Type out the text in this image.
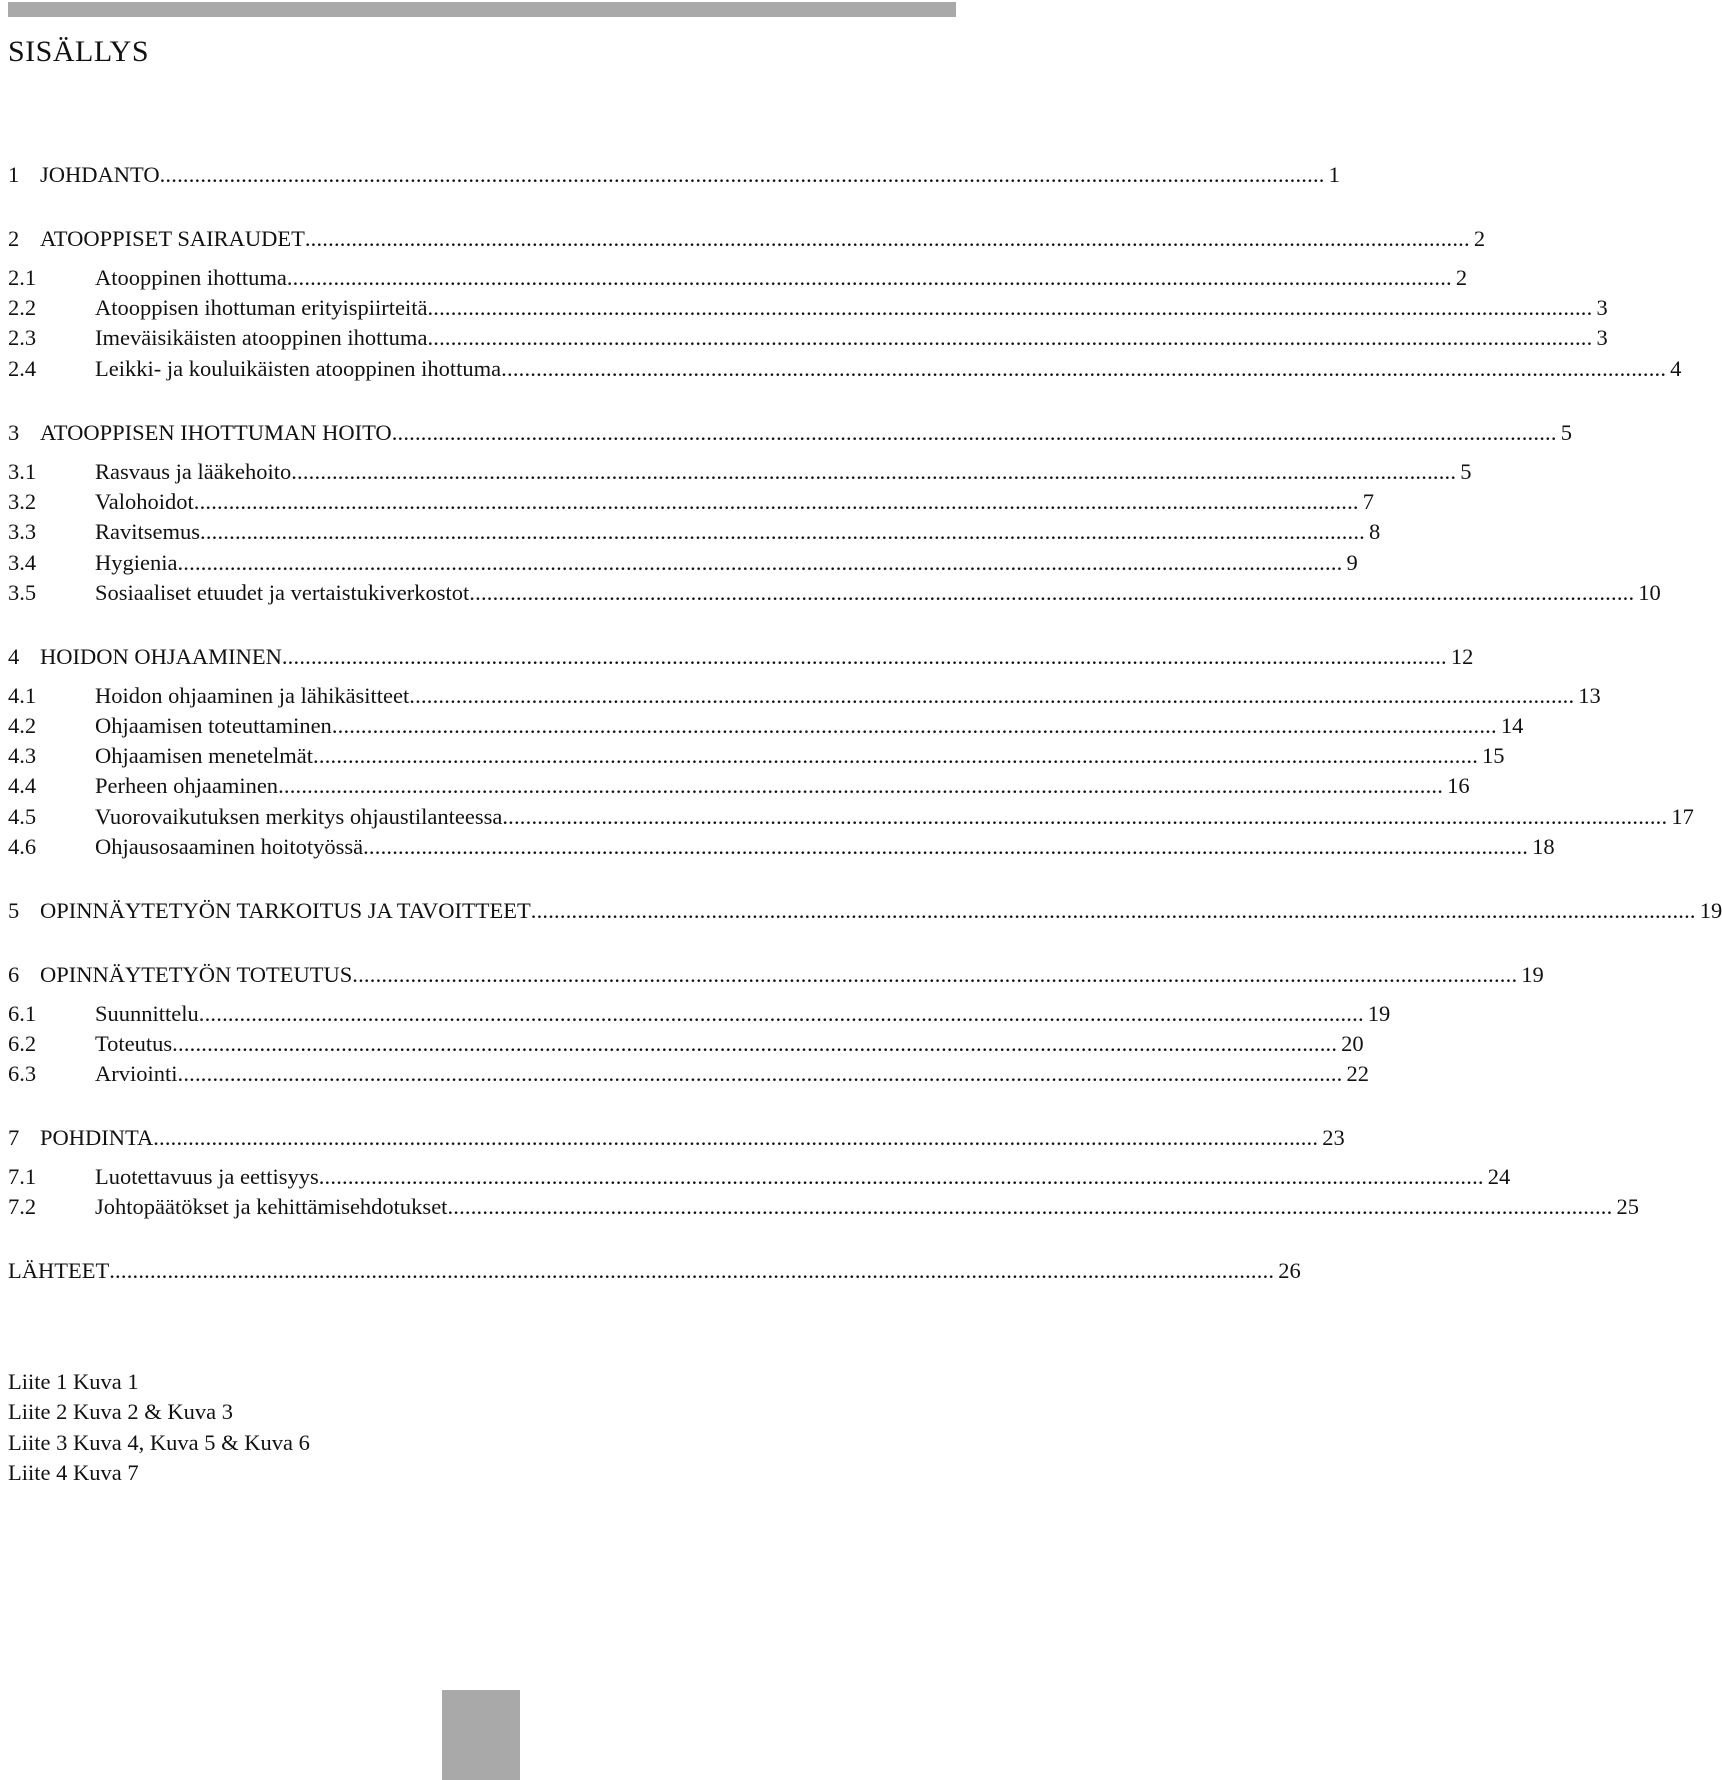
SISÄLLYS
1 JOHDANTO ........................................................................................................................................................................................................ 1
2 ATOOPPISET SAIRAUDET ........................................................................................................................................................................................................ 2
2.1	Atooppinen ihottuma ........................................................................................................................................................................................................ 2
2.2	Atooppisen ihottuman erityispiirteitä ........................................................................................................................................................................................................ 3
2.3	Imeväisikäisten atooppinen ihottuma ........................................................................................................................................................................................................ 3
2.4	Leikki- ja kouluikäisten atooppinen ihottuma ........................................................................................................................................................................................................ 4
3 ATOOPPISEN IHOTTUMAN HOITO ........................................................................................................................................................................................................ 5
3.1	Rasvaus ja lääkehoito ........................................................................................................................................................................................................ 5
3.2	Valohoidot ........................................................................................................................................................................................................ 7
3.3	Ravitsemus ........................................................................................................................................................................................................ 8
3.4	Hygienia ........................................................................................................................................................................................................ 9
3.5	Sosiaaliset etuudet ja vertaistukiverkostot ........................................................................................................................................................................................................ 10
4 HOIDON OHJAAMINEN ........................................................................................................................................................................................................ 12
4.1	Hoidon ohjaaminen ja lähikäsitteet ........................................................................................................................................................................................................ 13
4.2	Ohjaamisen toteuttaminen ........................................................................................................................................................................................................ 14
4.3	Ohjaamisen menetelmät ........................................................................................................................................................................................................ 15
4.4	Perheen ohjaaminen ........................................................................................................................................................................................................ 16
4.5	Vuorovaikutuksen merkitys ohjaustilanteessa ........................................................................................................................................................................................................ 17
4.6	Ohjausosaaminen hoitotyössä ........................................................................................................................................................................................................ 18
5 OPINNÄYTETYÖN TARKOITUS JA TAVOITTEET ........................................................................................................................................................................................................ 19
6 OPINNÄYTETYÖN TOTEUTUS ........................................................................................................................................................................................................ 19
6.1	Suunnittelu ........................................................................................................................................................................................................ 19
6.2	Toteutus ........................................................................................................................................................................................................ 20
6.3	Arviointi ........................................................................................................................................................................................................ 22
7 POHDINTA ........................................................................................................................................................................................................ 23
7.1	Luotettavuus ja eettisyys ........................................................................................................................................................................................................ 24
7.2	Johtopäätökset ja kehittämisehdotukset ........................................................................................................................................................................................................ 25
LÄHTEET ........................................................................................................................................................................................................ 26
Liite 1 Kuva 1
Liite 2 Kuva 2 & Kuva 3
Liite 3 Kuva 4, Kuva 5 & Kuva 6
Liite 4 Kuva 7
